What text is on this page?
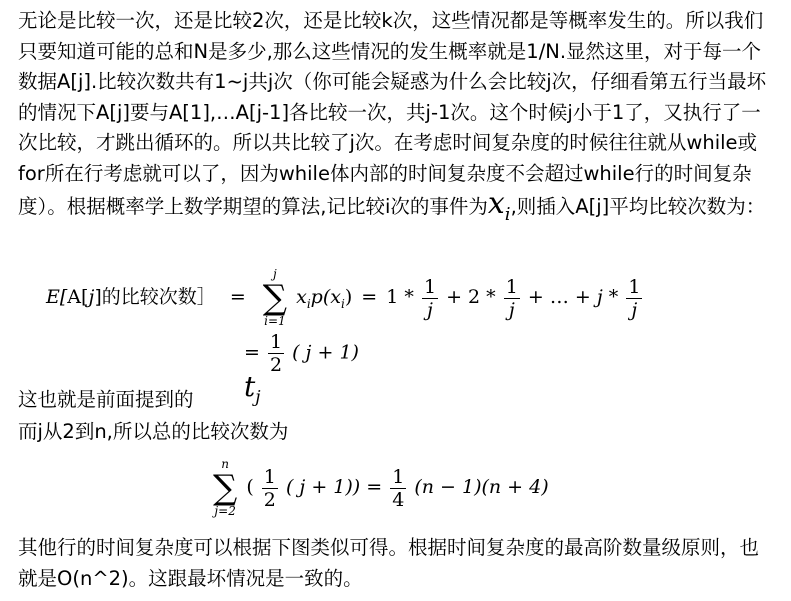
无论是比较一次，还是比较2次，还是比较k次，这些情况都是等概率发生的。所以我们只要知道可能的总和N是多少,那么这些情况的发生概率就是1/N.显然这里，对于每一个数据A[j].比较次数共有1~j共j次（你可能会疑惑为什么会比较j次，仔细看第五行当最坏的情况下A[j]要与A[1],…A[j-1]各比较一次，共j-1次。这个时候j小于1了，又执行了一次比较，才跳出循环的。所以共比较了j次。在考虑时间复杂度的时候往往就从while或for所在行考虑就可以了，因为while体内部的时间复杂度不会超过while行的时间复杂度）。根据概率学上数学期望的算法,记比较i次的事件为$x_i$,则插入A[j]平均比较次数为：

E[A[j]的比较次数］ =
j
∑
i=1
$x_ip(x_i) = 1 * \frac{1}{j} + 2 * \frac{1}{j}$ + … + j * $\frac{1}{j}$
= $\frac{1}{2}$ ( j + 1)

这也就是前面提到的	$t_j$

而j从2到n,所以总的比较次数为

n
∑
j=2
( $\frac{1}{2}$ ( $j + 1)) = \frac{1}{4} (n - 1)(n + 4)$

其他行的时间复杂度可以根据下图类似可得。根据时间复杂度的最高阶数量级原则，也就是O(n^2)。这跟最坏情况是一致的。
